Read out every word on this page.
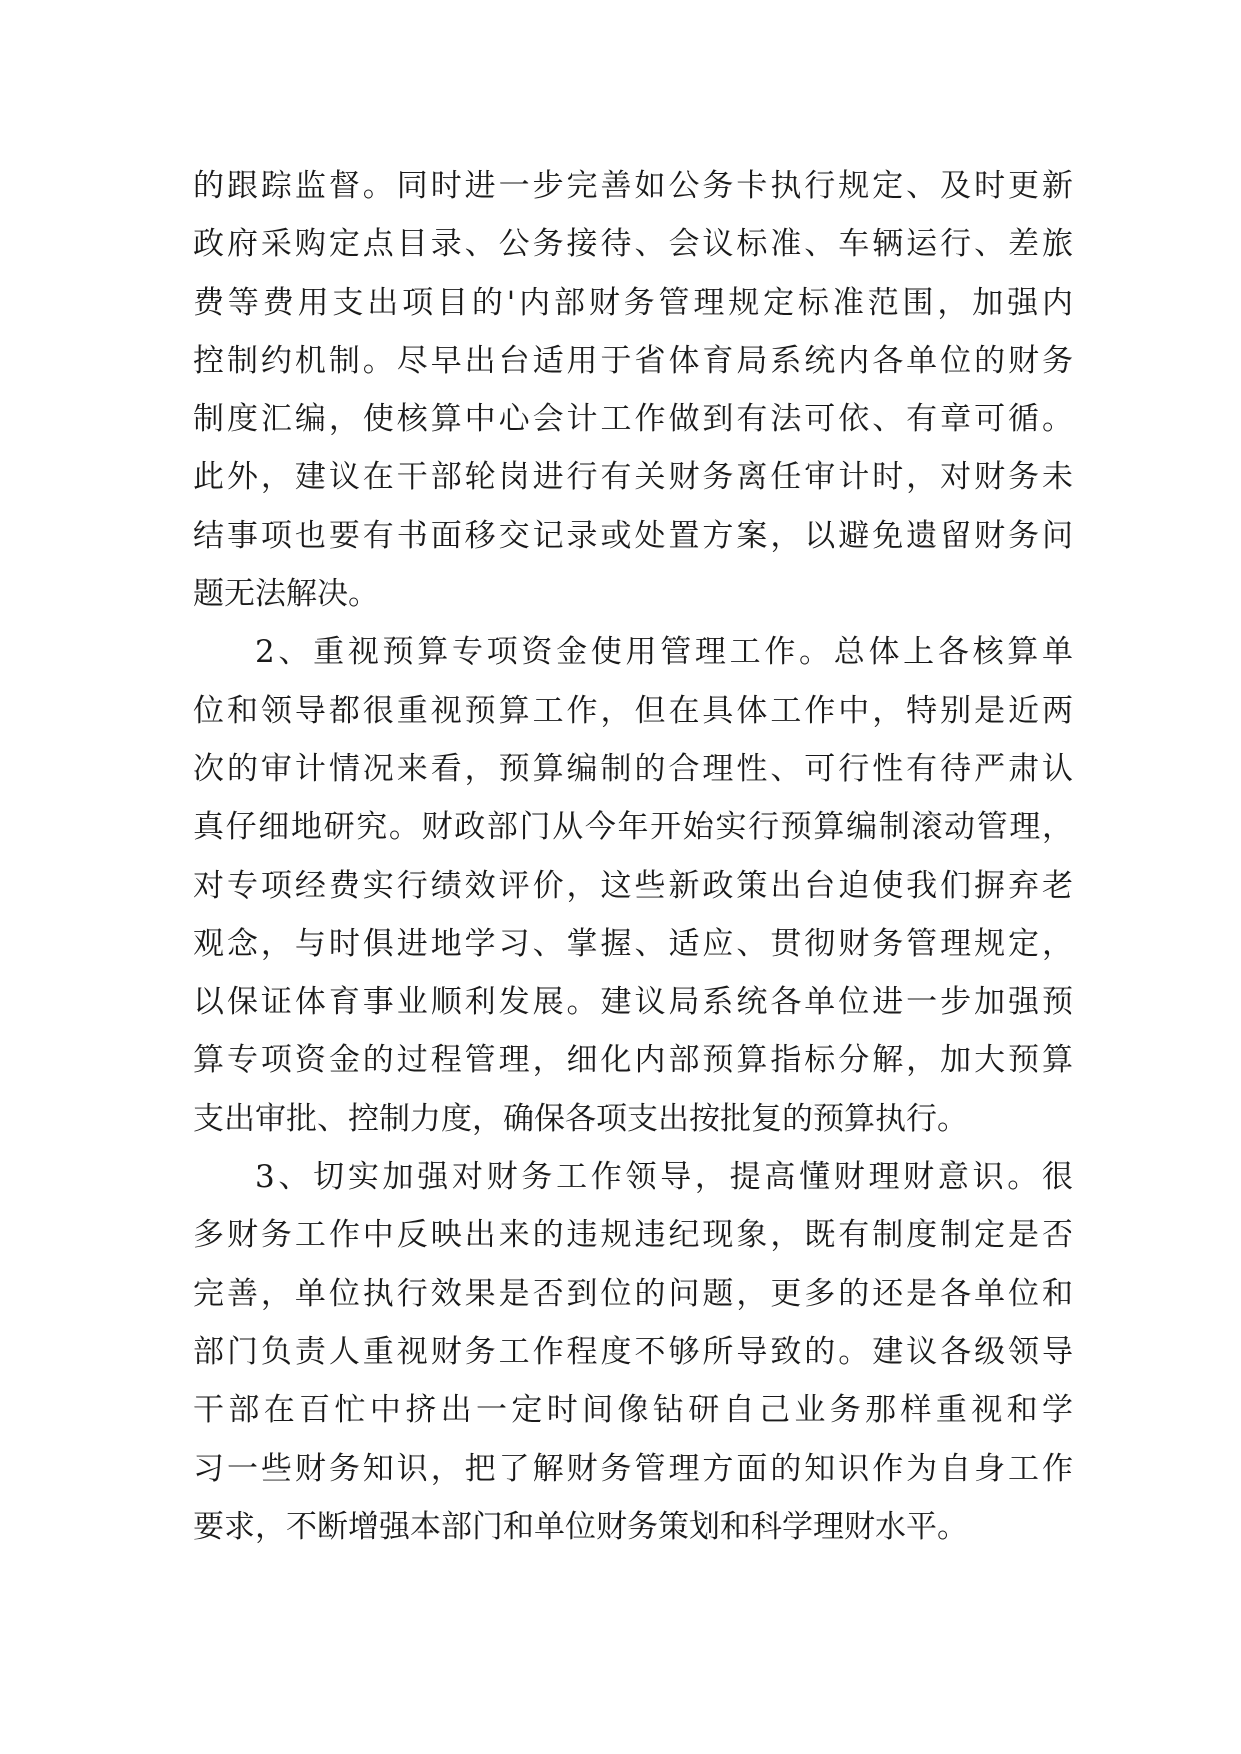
的跟踪监督。同时进一步完善如公务卡执行规定、及时更新
政府采购定点目录、公务接待、会议标准、车辆运行、差旅
费等费用支出项目的'内部财务管理规定标准范围，加强内
控制约机制。尽早出台适用于省体育局系统内各单位的财务
制度汇编，使核算中心会计工作做到有法可依、有章可循。
此外，建议在干部轮岗进行有关财务离任审计时，对财务未
结事项也要有书面移交记录或处置方案，以避免遗留财务问
题无法解决。
2、重视预算专项资金使用管理工作。总体上各核算单
位和领导都很重视预算工作，但在具体工作中，特别是近两
次的审计情况来看，预算编制的合理性、可行性有待严肃认
真仔细地研究。财政部门从今年开始实行预算编制滚动管理，
对专项经费实行绩效评价，这些新政策出台迫使我们摒弃老
观念，与时俱进地学习、掌握、适应、贯彻财务管理规定，
以保证体育事业顺利发展。建议局系统各单位进一步加强预
算专项资金的过程管理，细化内部预算指标分解，加大预算
支出审批、控制力度，确保各项支出按批复的预算执行。
3、切实加强对财务工作领导，提高懂财理财意识。很
多财务工作中反映出来的违规违纪现象，既有制度制定是否
完善，单位执行效果是否到位的问题，更多的还是各单位和
部门负责人重视财务工作程度不够所导致的。建议各级领导
干部在百忙中挤出一定时间像钻研自己业务那样重视和学
习一些财务知识，把了解财务管理方面的知识作为自身工作
要求，不断增强本部门和单位财务策划和科学理财水平。
